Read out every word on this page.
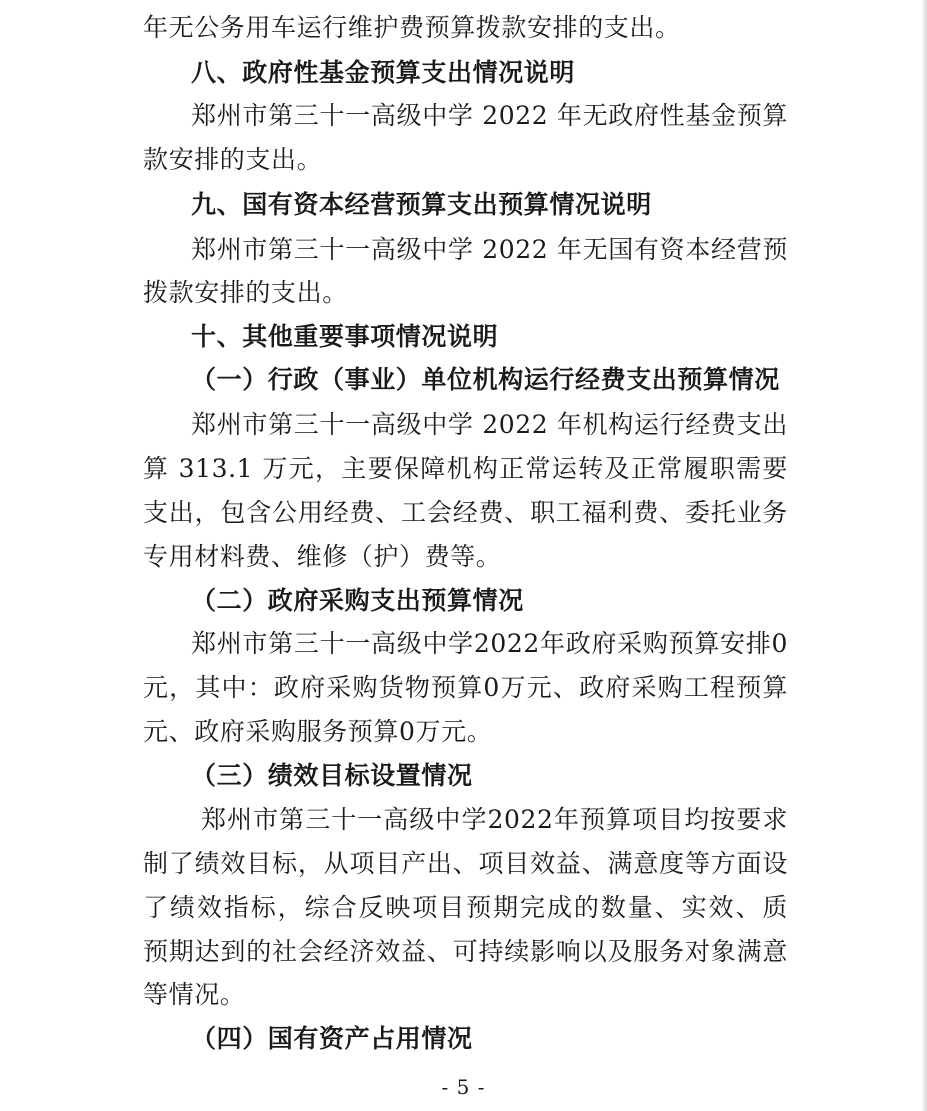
年无公务用车运行维护费预算拨款安排的支出。
八、政府性基金预算支出情况说明
郑州市第三十一高级中学 2022 年无政府性基金预算
款安排的支出。
九、国有资本经营预算支出预算情况说明
郑州市第三十一高级中学 2022 年无国有资本经营预
拨款安排的支出。
十、其他重要事项情况说明
（一）行政（事业）单位机构运行经费支出预算情况
郑州市第三十一高级中学 2022 年机构运行经费支出
算 313.1 万元，主要保障机构正常运转及正常履职需要
支出，包含公用经费、工会经费、职工福利费、委托业务
专用材料费、维修（护）费等。
（二）政府采购支出预算情况
郑州市第三十一高级中学2022年政府采购预算安排0
元，其中：政府采购货物预算0万元、政府采购工程预算
元、政府采购服务预算0万元。
（三）绩效目标设置情况
郑州市第三十一高级中学2022年预算项目均按要求
制了绩效目标，从项目产出、项目效益、满意度等方面设
了绩效指标，综合反映项目预期完成的数量、实效、质
预期达到的社会经济效益、可持续影响以及服务对象满意
等情况。
（四）国有资产占用情况
- 5 -
